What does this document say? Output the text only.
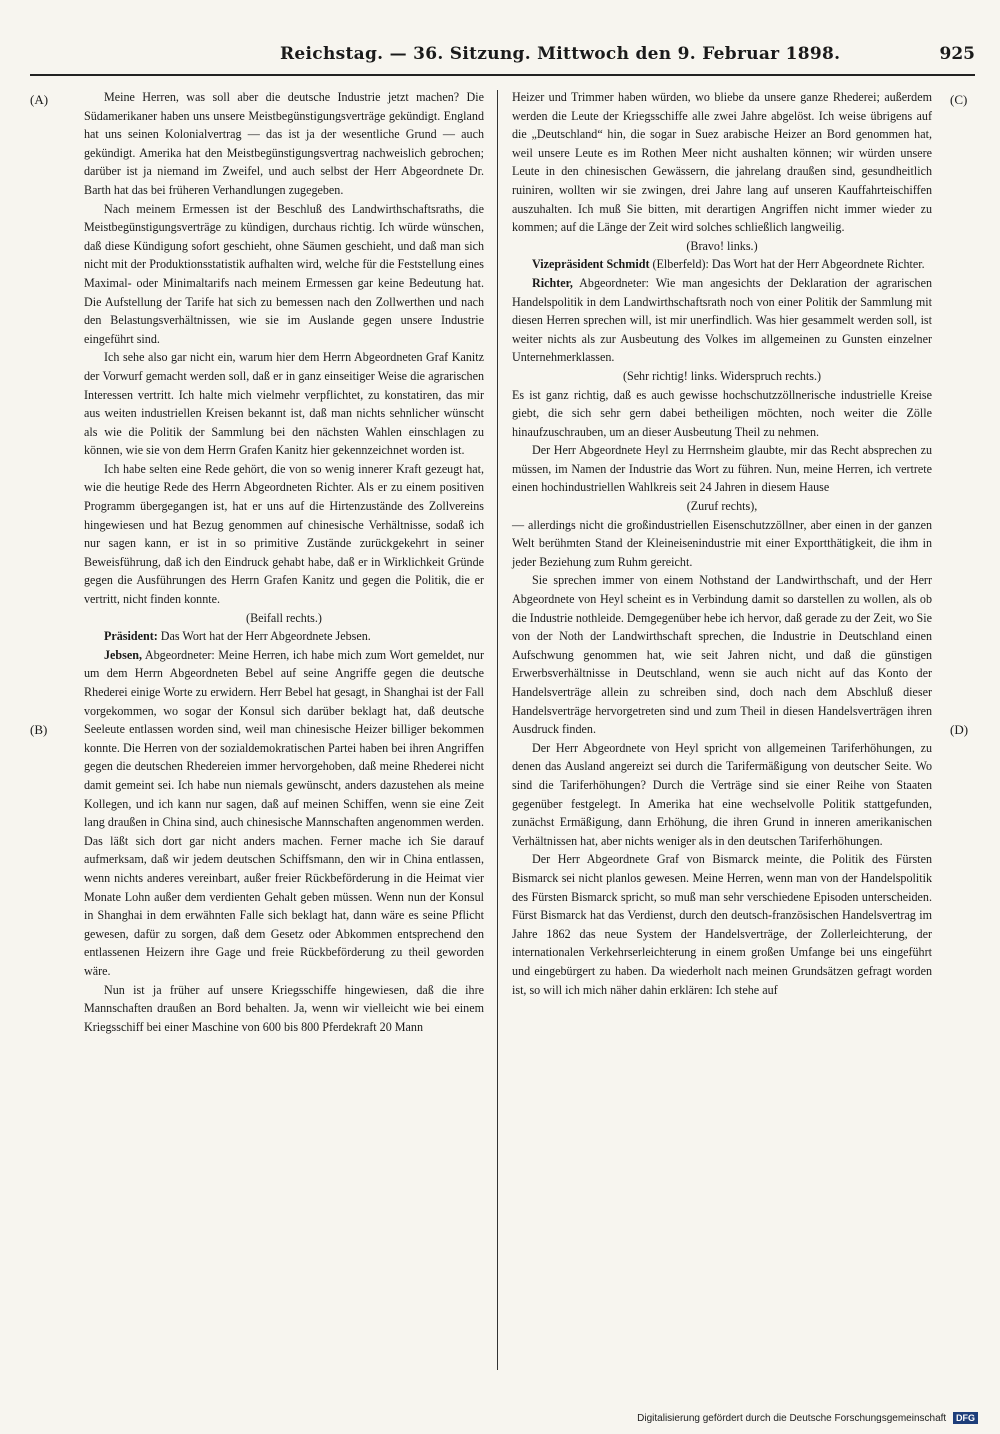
Reichstag. — 36. Sitzung. Mittwoch den 9. Februar 1898.	925
(A)
(B)
(C)
(D)

Meine Herren, was soll aber die deutsche Industrie jetzt machen? Die Südamerikaner haben uns unsere Meistbegünstigungsverträge gekündigt. England hat uns seinen Kolonialvertrag — das ist ja der wesentliche Grund — auch gekündigt. Amerika hat den Meistbegünstigungsvertrag nachweislich gebrochen; darüber ist ja niemand im Zweifel, und auch selbst der Herr Abgeordnete Dr. Barth hat das bei früheren Verhandlungen zugegeben.

Nach meinem Ermessen ist der Beschluß des Landwirthschaftsraths, die Meistbegünstigungsverträge zu kündigen, durchaus richtig. Ich würde wünschen, daß diese Kündigung sofort geschieht, ohne Säumen geschieht, und daß man sich nicht mit der Produktionsstatistik aufhalten wird, welche für die Feststellung eines Maximal- oder Minimaltarifs nach meinem Ermessen gar keine Bedeutung hat. Die Aufstellung der Tarife hat sich zu bemessen nach den Zollwerthen und nach den Belastungsverhältnissen, wie sie im Auslande gegen unsere Industrie eingeführt sind.

Ich sehe also gar nicht ein, warum hier dem Herrn Abgeordneten Graf Kanitz der Vorwurf gemacht werden soll, daß er in ganz einseitiger Weise die agrarischen Interessen vertritt. Ich halte mich vielmehr verpflichtet, zu konstatiren, das mir aus weiten industriellen Kreisen bekannt ist, daß man nichts sehnlicher wünscht als wie die Politik der Sammlung bei den nächsten Wahlen einschlagen zu können, wie sie von dem Herrn Grafen Kanitz hier gekennzeichnet worden ist.

Ich habe selten eine Rede gehört, die von so wenig innerer Kraft gezeugt hat, wie die heutige Rede des Herrn Abgeordneten Richter. Als er zu einem positiven Programm übergegangen ist, hat er uns auf die Hirtenzustände des Zollvereins hingewiesen und hat Bezug genommen auf chinesische Verhältnisse, sodaß ich nur sagen kann, er ist in so primitive Zustände zurückgekehrt in seiner Beweisführung, daß ich den Eindruck gehabt habe, daß er in Wirklichkeit Gründe gegen die Ausführungen des Herrn Grafen Kanitz und gegen die Politik, die er vertritt, nicht finden konnte.

(Beifall rechts.)

Präsident: Das Wort hat der Herr Abgeordnete Jebsen.

Jebsen, Abgeordneter: Meine Herren, ich habe mich zum Wort gemeldet, nur um dem Herrn Abgeordneten Bebel auf seine Angriffe gegen die deutsche Rhederei einige Worte zu erwidern. Herr Bebel hat gesagt, in Shanghai ist der Fall vorgekommen, wo sogar der Konsul sich darüber beklagt hat, daß deutsche Seeleute entlassen worden sind, weil man chinesische Heizer billiger bekommen konnte. Die Herren von der sozialdemokratischen Partei haben bei ihren Angriffen gegen die deutschen Rhedereien immer hervorgehoben, daß meine Rhederei nicht damit gemeint sei. Ich habe nun niemals gewünscht, anders dazustehen als meine Kollegen, und ich kann nur sagen, daß auf meinen Schiffen, wenn sie eine Zeit lang draußen in China sind, auch chinesische Mannschaften angenommen werden. Das läßt sich dort gar nicht anders machen. Ferner mache ich Sie darauf aufmerksam, daß wir jedem deutschen Schiffsmann, den wir in China entlassen, wenn nichts anderes vereinbart, außer freier Rückbeförderung in die Heimat vier Monate Lohn außer dem verdienten Gehalt geben müssen. Wenn nun der Konsul in Shanghai in dem erwähnten Falle sich beklagt hat, dann wäre es seine Pflicht gewesen, dafür zu sorgen, daß dem Gesetz oder Abkommen entsprechend den entlassenen Heizern ihre Gage und freie Rückbeförderung zu theil geworden wäre.

Nun ist ja früher auf unsere Kriegsschiffe hingewiesen, daß die ihre Mannschaften draußen an Bord behalten. Ja, wenn wir vielleicht wie bei einem Kriegsschiff bei einer Maschine von 600 bis 800 Pferdekraft 20 Mann

Heizer und Trimmer haben würden, wo bliebe da unsere ganze Rhederei; außerdem werden die Leute der Kriegsschiffe alle zwei Jahre abgelöst. Ich weise übrigens auf die „Deutschland“ hin, die sogar in Suez arabische Heizer an Bord genommen hat, weil unsere Leute es im Rothen Meer nicht aushalten können; wir würden unsere Leute in den chinesischen Gewässern, die jahrelang draußen sind, gesundheitlich ruiniren, wollten wir sie zwingen, drei Jahre lang auf unseren Kauffahrteischiffen auszuhalten. Ich muß Sie bitten, mit derartigen Angriffen nicht immer wieder zu kommen; auf die Länge der Zeit wird solches schließlich langweilig.

(Bravo! links.)

Vizepräsident Schmidt (Elberfeld): Das Wort hat der Herr Abgeordnete Richter.

Richter, Abgeordneter: Wie man angesichts der Deklaration der agrarischen Handelspolitik in dem Landwirthschaftsrath noch von einer Politik der Sammlung mit diesen Herren sprechen will, ist mir unerfindlich. Was hier gesammelt werden soll, ist weiter nichts als zur Ausbeutung des Volkes im allgemeinen zu Gunsten einzelner Unternehmerklassen.

(Sehr richtig! links. Widerspruch rechts.)

Es ist ganz richtig, daß es auch gewisse hochschutzzöllnerische industrielle Kreise giebt, die sich sehr gern dabei betheiligen möchten, noch weiter die Zölle hinaufzuschrauben, um an dieser Ausbeutung Theil zu nehmen.

Der Herr Abgeordnete Heyl zu Herrnsheim glaubte, mir das Recht absprechen zu müssen, im Namen der Industrie das Wort zu führen. Nun, meine Herren, ich vertrete einen hochindustriellen Wahlkreis seit 24 Jahren in diesem Hause

(Zuruf rechts),

— allerdings nicht die großindustriellen Eisenschutzzöllner, aber einen in der ganzen Welt berühmten Stand der Kleineisenindustrie mit einer Exportthätigkeit, die ihm in jeder Beziehung zum Ruhm gereicht.

Sie sprechen immer von einem Nothstand der Landwirthschaft, und der Herr Abgeordnete von Heyl scheint es in Verbindung damit so darstellen zu wollen, als ob die Industrie nothleide. Demgegenüber hebe ich hervor, daß gerade zu der Zeit, wo Sie von der Noth der Landwirthschaft sprechen, die Industrie in Deutschland einen Aufschwung genommen hat, wie seit Jahren nicht, und daß die günstigen Erwerbsverhältnisse in Deutschland, wenn sie auch nicht auf das Konto der Handelsverträge allein zu schreiben sind, doch nach dem Abschluß dieser Handelsverträge hervorgetreten sind und zum Theil in diesen Handelsverträgen ihren Ausdruck finden.

Der Herr Abgeordnete von Heyl spricht von allgemeinen Tariferhöhungen, zu denen das Ausland angereizt sei durch die Tarifermäßigung von deutscher Seite. Wo sind die Tariferhöhungen? Durch die Verträge sind sie einer Reihe von Staaten gegenüber festgelegt. In Amerika hat eine wechselvolle Politik stattgefunden, zunächst Ermäßigung, dann Erhöhung, die ihren Grund in inneren amerikanischen Verhältnissen hat, aber nichts weniger als in den deutschen Tariferhöhungen.

Der Herr Abgeordnete Graf von Bismarck meinte, die Politik des Fürsten Bismarck sei nicht planlos gewesen. Meine Herren, wenn man von der Handelspolitik des Fürsten Bismarck spricht, so muß man sehr verschiedene Episoden unterscheiden. Fürst Bismarck hat das Verdienst, durch den deutsch-französischen Handelsvertrag im Jahre 1862 das neue System der Handelsverträge, der Zollerleichterung, der internationalen Verkehrserleichterung in einem großen Umfange bei uns eingeführt und eingebürgert zu haben. Da wiederholt nach meinen Grundsätzen gefragt worden ist, so will ich mich näher dahin erklären: Ich stehe auf

Digitalisierung gefördert durch die Deutsche Forschungsgemeinschaft DFG
